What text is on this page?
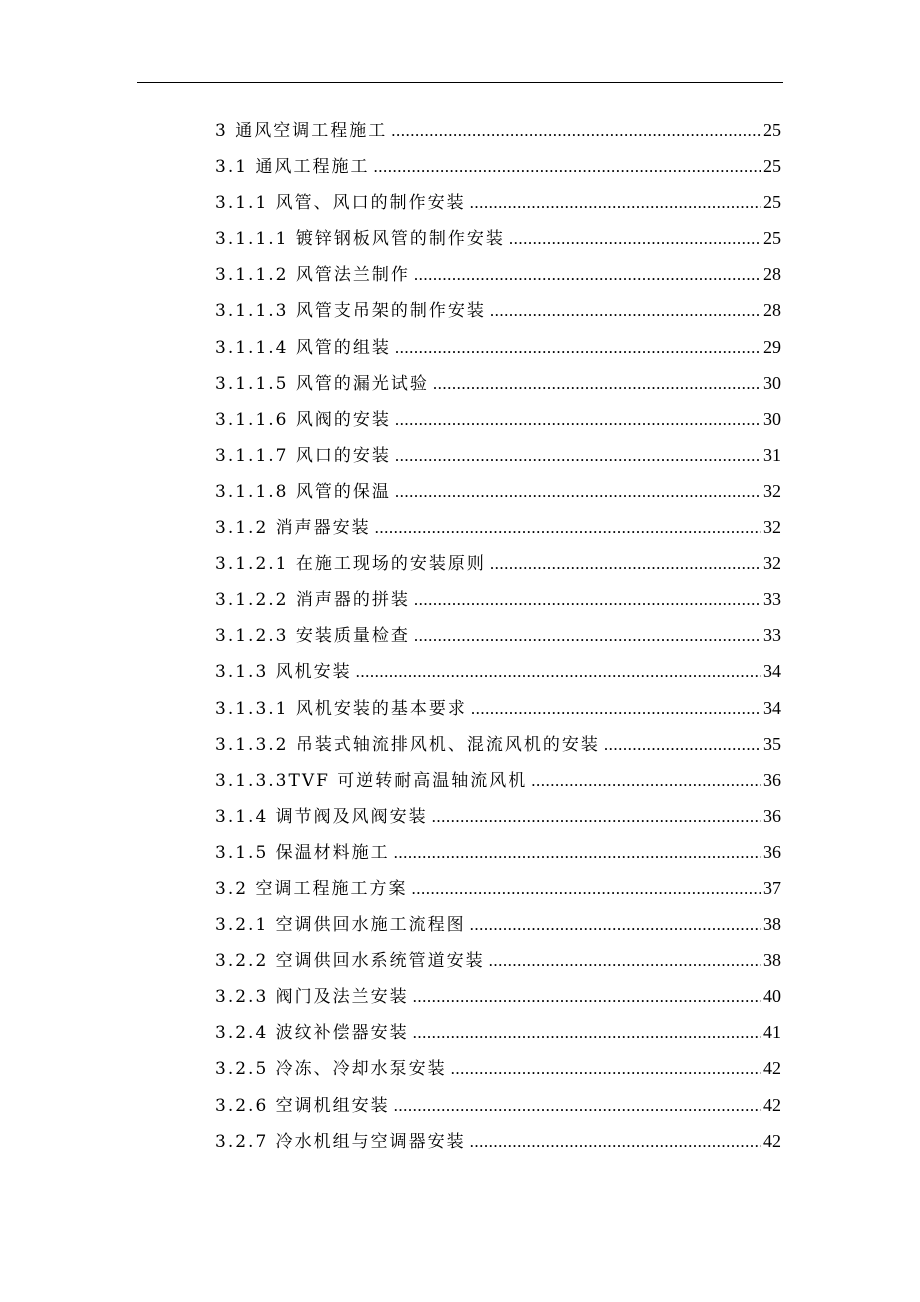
3 通风空调工程施工 .....	25
3.1 通风工程施工 .....	25
3.1.1 风管、风口的制作安装 .....	25
3.1.1.1 镀锌钢板风管的制作安装 .....	25
3.1.1.2 风管法兰制作 .....	28
3.1.1.3 风管支吊架的制作安装 .....	28
3.1.1.4 风管的组装 .....	29
3.1.1.5 风管的漏光试验 .....	30
3.1.1.6 风阀的安装 .....	30
3.1.1.7 风口的安装 .....	31
3.1.1.8 风管的保温 .....	32
3.1.2 消声器安装 .....	32
3.1.2.1 在施工现场的安装原则 .....	32
3.1.2.2 消声器的拼装 .....	33
3.1.2.3 安装质量检查 .....	33
3.1.3 风机安装 .....	34
3.1.3.1 风机安装的基本要求 .....	34
3.1.3.2 吊装式轴流排风机、混流风机的安装 .....	35
3.1.3.3TVF 可逆转耐高温轴流风机 .....	36
3.1.4 调节阀及风阀安装 .....	36
3.1.5 保温材料施工 .....	36
3.2 空调工程施工方案 .....	37
3.2.1 空调供回水施工流程图 .....	38
3.2.2 空调供回水系统管道安装 .....	38
3.2.3 阀门及法兰安装 .....	40
3.2.4 波纹补偿器安装 .....	41
3.2.5 冷冻、冷却水泵安装 .....	42
3.2.6 空调机组安装 .....	42
3.2.7 冷水机组与空调器安装 .....	42
